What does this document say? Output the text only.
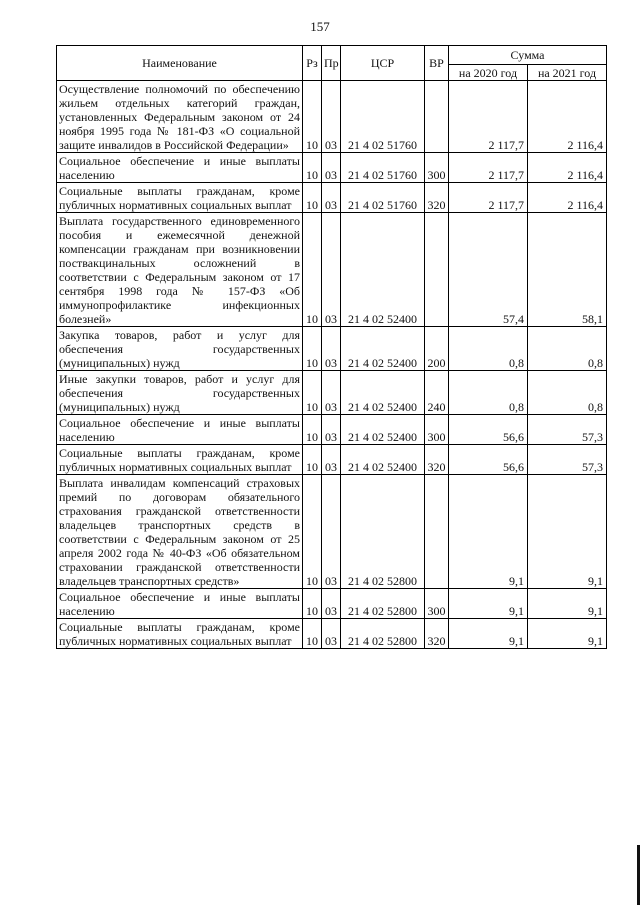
157
Наименование	Рз	Пр	ЦСР	ВР	Сумма	
					на 2020 год	на 2021 год
Осуществление полномочий по обеспечению жильем отдельных категорий граждан, установленных Федеральным законом от 24 ноября 1995 года № 181-ФЗ «О социальной защите инвалидов в Российской Федерации»	10	03	21 4 02 51760		2 117,7	2 116,4
Социальное обеспечение и иные выплаты населению	10	03	21 4 02 51760	300	2 117,7	2 116,4
Социальные выплаты гражданам, кроме публичных нормативных социальных выплат	10	03	21 4 02 51760	320	2 117,7	2 116,4
Выплата государственного единовременного пособия и ежемесячной денежной компенсации гражданам при возникновении поствакцинальных осложнений в соответствии с Федеральным законом от 17 сентября 1998 года № 157-ФЗ «Об иммунопрофилактике инфекционных болезней»	10	03	21 4 02 52400		57,4	58,1
Закупка товаров, работ и услуг для обеспечения государственных (муниципальных) нужд	10	03	21 4 02 52400	200	0,8	0,8
Иные закупки товаров, работ и услуг для обеспечения государственных (муниципальных) нужд	10	03	21 4 02 52400	240	0,8	0,8
Социальное обеспечение и иные выплаты населению	10	03	21 4 02 52400	300	56,6	57,3
Социальные выплаты гражданам, кроме публичных нормативных социальных выплат	10	03	21 4 02 52400	320	56,6	57,3
Выплата инвалидам компенсаций страховых премий по договорам обязательного страхования гражданской ответственности владельцев транспортных средств в соответствии с Федеральным законом от 25 апреля 2002 года № 40-ФЗ «Об обязательном страховании гражданской ответственности владельцев транспортных средств»	10	03	21 4 02 52800		9,1	9,1
Социальное обеспечение и иные выплаты населению	10	03	21 4 02 52800	300	9,1	9,1
Социальные выплаты гражданам, кроме публичных нормативных социальных выплат	10	03	21 4 02 52800	320	9,1	9,1
